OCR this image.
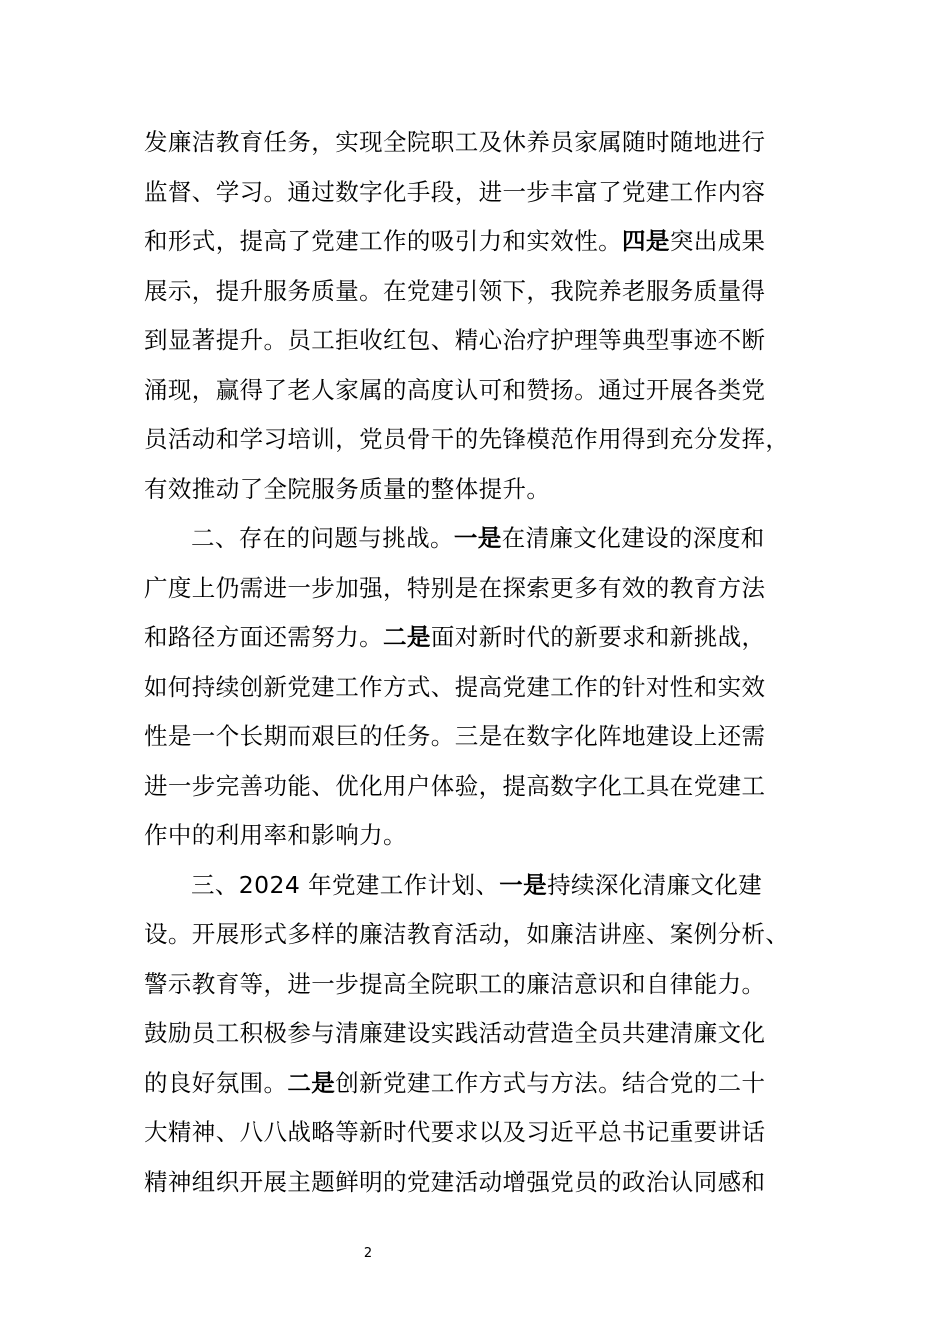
发廉洁教育任务，实现全院职工及休养员家属随时随地进行
监督、学习。通过数字化手段，进一步丰富了党建工作内容
和形式，提高了党建工作的吸引力和实效性。四是突出成果
展示，提升服务质量。在党建引领下，我院养老服务质量得
到显著提升。员工拒收红包、精心治疗护理等典型事迹不断
涌现，赢得了老人家属的高度认可和赞扬。通过开展各类党
员活动和学习培训，党员骨干的先锋模范作用得到充分发挥，
有效推动了全院服务质量的整体提升。
二、存在的问题与挑战。一是在清廉文化建设的深度和
广度上仍需进一步加强，特别是在探索更多有效的教育方法
和路径方面还需努力。二是面对新时代的新要求和新挑战，
如何持续创新党建工作方式、提高党建工作的针对性和实效
性是一个长期而艰巨的任务。三是在数字化阵地建设上还需
进一步完善功能、优化用户体验，提高数字化工具在党建工
作中的利用率和影响力。
三、2024 年党建工作计划、一是持续深化清廉文化建
设。开展形式多样的廉洁教育活动，如廉洁讲座、案例分析、
警示教育等，进一步提高全院职工的廉洁意识和自律能力。
鼓励员工积极参与清廉建设实践活动营造全员共建清廉文化
的良好氛围。二是创新党建工作方式与方法。结合党的二十
大精神、八八战略等新时代要求以及习近平总书记重要讲话
精神组织开展主题鲜明的党建活动增强党员的政治认同感和
2
